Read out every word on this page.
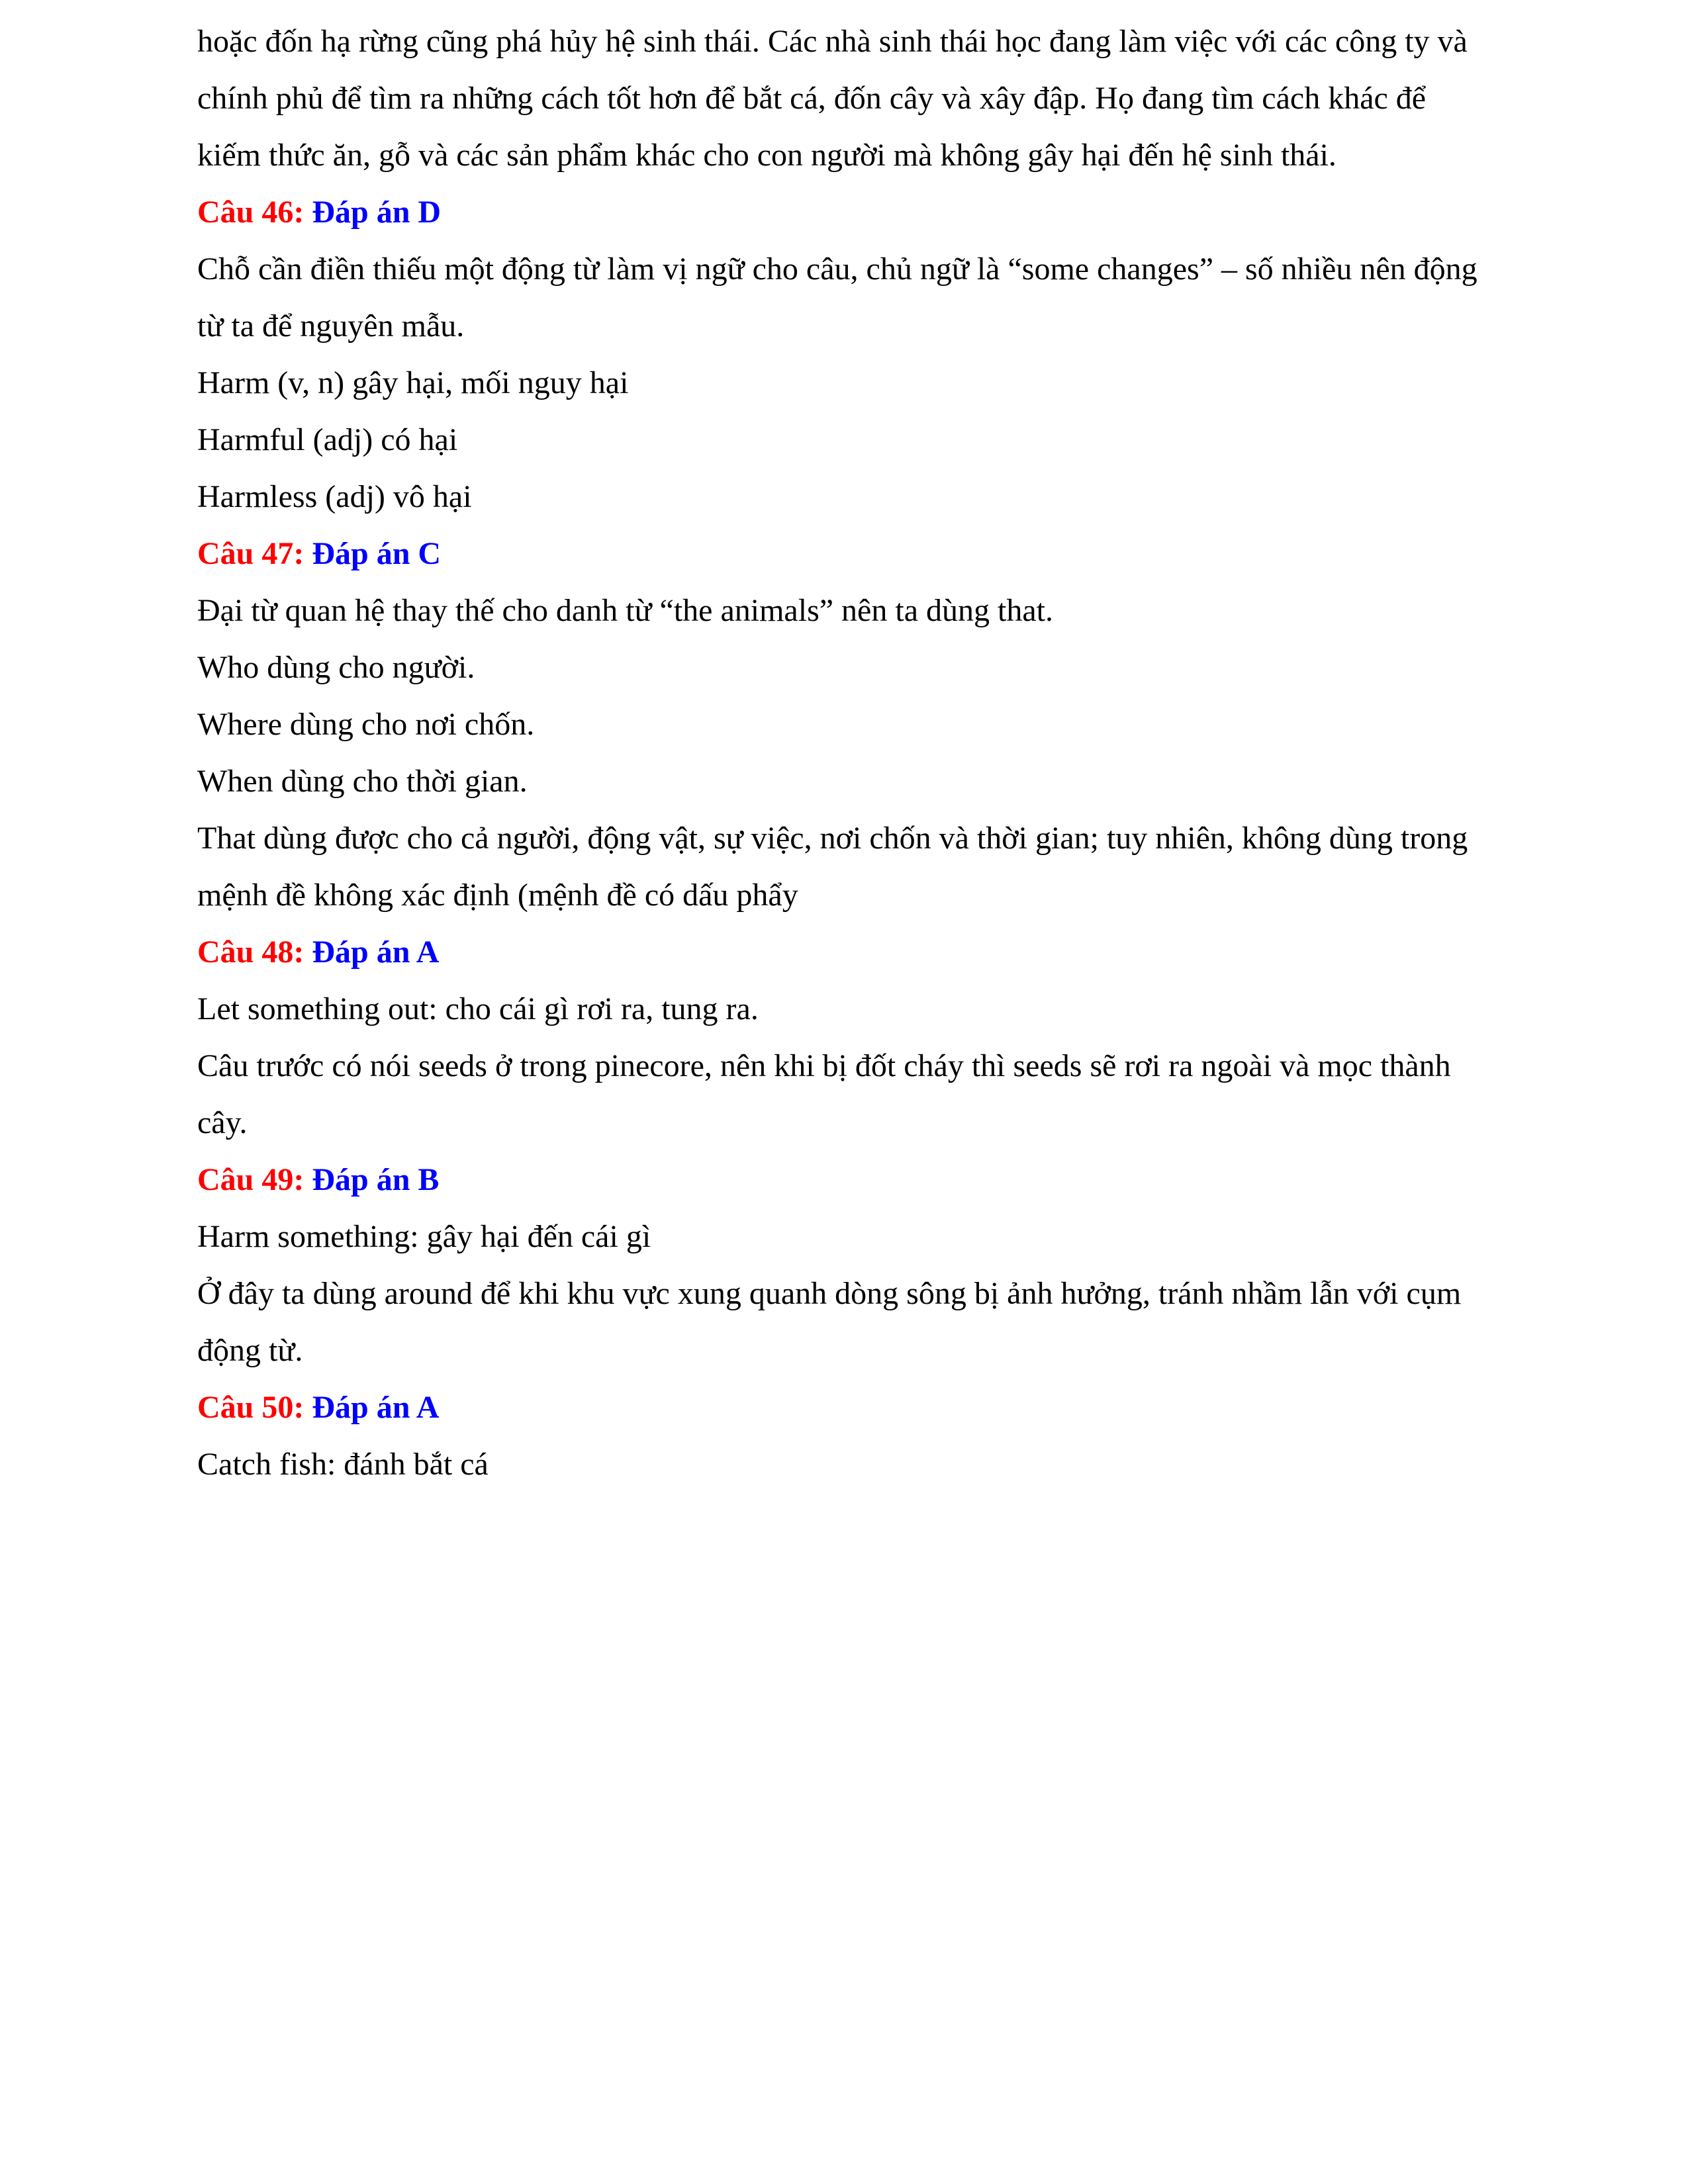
hoặc đốn hạ rừng cũng phá hủy hệ sinh thái. Các nhà sinh thái học đang làm việc với các công ty và chính phủ để tìm ra những cách tốt hơn để bắt cá, đốn cây và xây đập. Họ đang tìm cách khác để kiếm thức ăn, gỗ và các sản phẩm khác cho con người mà không gây hại đến hệ sinh thái.

Câu 46: Đáp án D

Chỗ cần điền thiếu một động từ làm vị ngữ cho câu, chủ ngữ là “some changes” – số nhiều nên động từ ta để nguyên mẫu.

Harm (v, n) gây hại, mối nguy hại

Harmful (adj) có hại

Harmless (adj) vô hại

Câu 47: Đáp án C

Đại từ quan hệ thay thế cho danh từ “the animals” nên ta dùng that.

Who dùng cho người.

Where dùng cho nơi chốn.

When dùng cho thời gian.

That dùng được cho cả người, động vật, sự việc, nơi chốn và thời gian; tuy nhiên, không dùng trong mệnh đề không xác định (mệnh đề có dấu phẩy

Câu 48: Đáp án A

Let something out: cho cái gì rơi ra, tung ra.

Câu trước có nói seeds ở trong pinecore, nên khi bị đốt cháy thì seeds sẽ rơi ra ngoài và mọc thành cây.

Câu 49: Đáp án B

Harm something: gây hại đến cái gì

Ở đây ta dùng around để khi khu vực xung quanh dòng sông bị ảnh hưởng, tránh nhầm lẫn với cụm động từ.

Câu 50: Đáp án A

Catch fish: đánh bắt cá
